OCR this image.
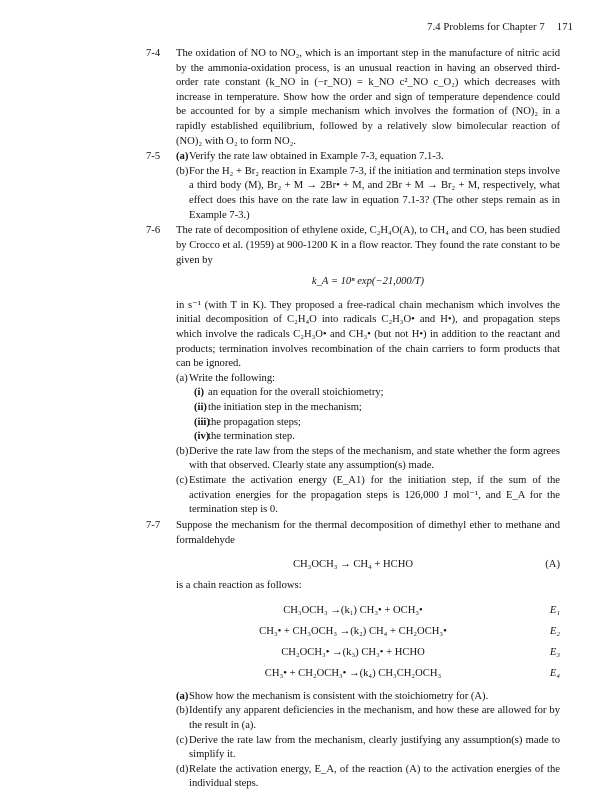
7.4 Problems for Chapter 7 171
7-4 The oxidation of NO to NO₂, which is an important step in the manufacture of nitric acid by the ammonia-oxidation process, is an unusual reaction in having an observed third-order rate constant (k_NO in (−r_NO) = k_NO c²_NO c_O₂) which decreases with increase in temperature. Show how the order and sign of temperature dependence could be accounted for by a simple mechanism which involves the formation of (NO)₂ in a rapidly established equilibrium, followed by a relatively slow bimolecular reaction of (NO)₂ with O₂ to form NO₂.
7-5 (a) Verify the rate law obtained in Example 7-3, equation 7.1-3.
(b) For the H₂ + Br₂ reaction in Example 7-3, if the initiation and termination steps involve a third body (M), Br₂ + M → 2Br• + M, and 2Br + M → Br₂ + M, respectively, what effect does this have on the rate law in equation 7.1-3? (The other steps remain as in Example 7-3.)
7-6 The rate of decomposition of ethylene oxide, C₂H₄O(A), to CH₄ and CO, has been studied by Crocco et al. (1959) at 900-1200 K in a flow reactor. They found the rate constant to be given by
k_A = 10ⁿ exp(−21,000/T)
in s⁻¹ (with T in K). They proposed a free-radical chain mechanism which involves the initial decomposition of C₂H₄O into radicals C₂H₃O• and H•), and propagation steps which involve the radicals C₂H₃O• and CH₃• (but not H•) in addition to the reactant and products; termination involves recombination of the chain carriers to form products that can be ignored.
(a) Write the following:
(i) an equation for the overall stoichiometry;
(ii) the initiation step in the mechanism;
(iii)
the propagation steps;
(iv)
the termination step.
(b) Derive the rate law from the steps of the mechanism, and state whether the form agrees with that observed. Clearly state any assumption(s) made.
(c) Estimate the activation energy (E_A1) for the initiation step, if the sum of the activation energies for the propagation steps is 126,000 J mol⁻¹, and E_A for the termination step is 0.
7-7 Suppose the mechanism for the thermal decomposition of dimethyl ether to methane and formaldehyde
CH₃OCH₃ → CH₄ + HCHO	(A)
is a chain reaction as follows:
CH₃OCH₃ →(k₁) CH₃• + OCH₃•	E₁
CH₃• + CH₃OCH₃ →(k₂) CH₄ + CH₂OCH₃•	E₂
CH₂OCH₃• →(k₃) CH₃• + HCHO	E₃
CH₃• + CH₂OCH₃• →(k₄) CH₃CH₂OCH₃	E₄
(a) Show how the mechanism is consistent with the stoichiometry for (A).
(b) Identify any apparent deficiencies in the mechanism, and how these are allowed for by the result in (a).
(c) Derive the rate law from the mechanism, clearly justifying any assumption(s) made to simplify it.
(d) Relate the activation energy, E_A, of the reaction (A) to the activation energies of the individual steps.
